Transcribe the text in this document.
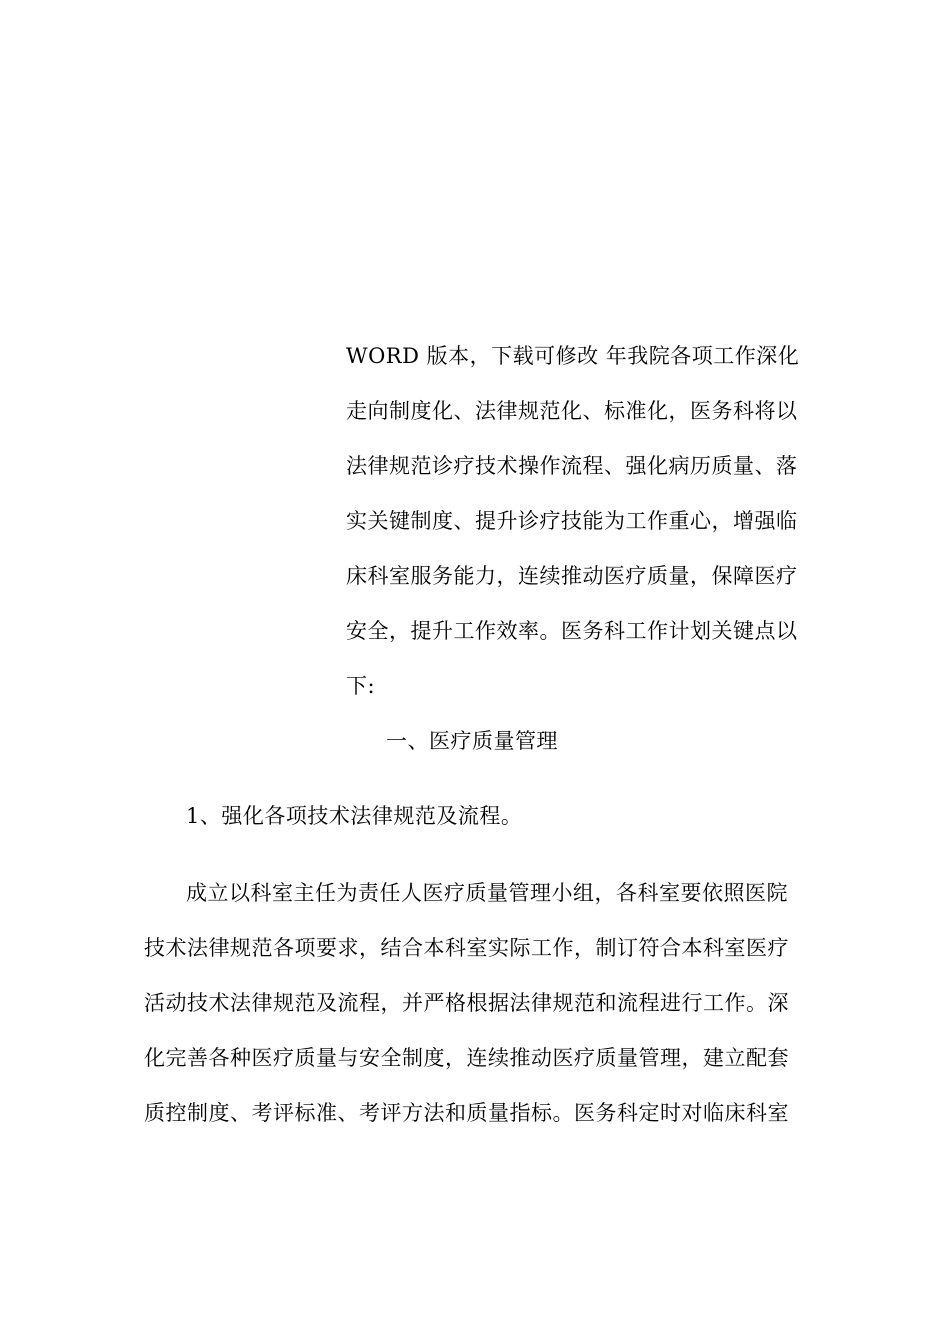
WORD 版本，下载可修改 年我院各项工作深化
走向制度化、法律规范化、标准化，医务科将以
法律规范诊疗技术操作流程、强化病历质量、落
实关键制度、提升诊疗技能为工作重心，增强临
床科室服务能力，连续推动医疗质量，保障医疗
安全，提升工作效率。医务科工作计划关键点以
下:
一、医疗质量管理
1、强化各项技术法律规范及流程。
成立以科室主任为责任人医疗质量管理小组，各科室要依照医院
技术法律规范各项要求，结合本科室实际工作，制订符合本科室医疗
活动技术法律规范及流程，并严格根据法律规范和流程进行工作。深
化完善各种医疗质量与安全制度，连续推动医疗质量管理，建立配套
质控制度、考评标准、考评方法和质量指标。医务科定时对临床科室
